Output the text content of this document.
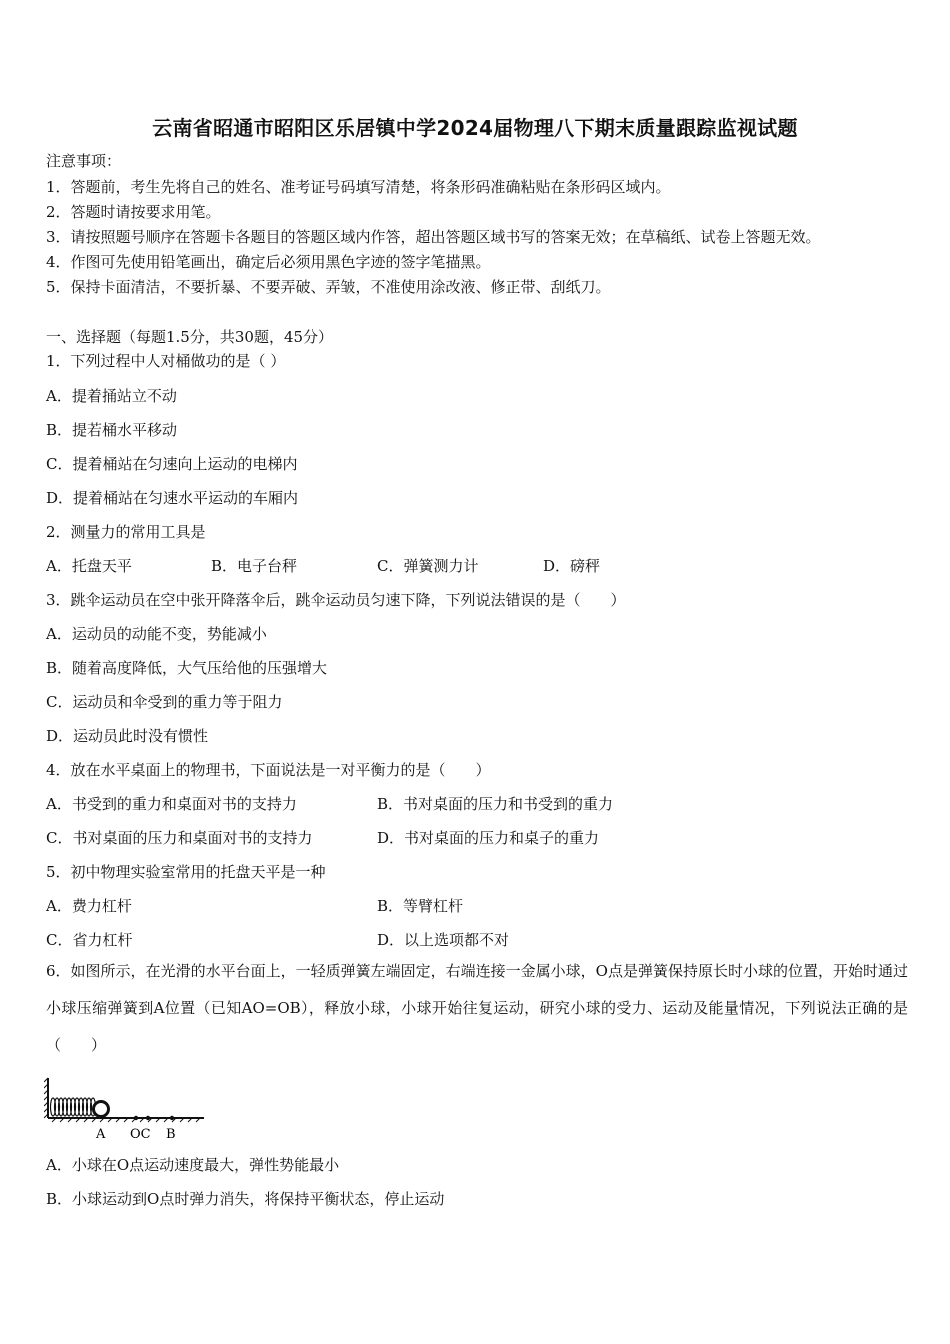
云南省昭通市昭阳区乐居镇中学2024届物理八下期末质量跟踪监视试题
注意事项：
1．答题前，考生先将自己的姓名、准考证号码填写清楚，将条形码准确粘贴在条形码区域内。
2．答题时请按要求用笔。
3．请按照题号顺序在答题卡各题目的答题区域内作答，超出答题区域书写的答案无效；在草稿纸、试卷上答题无效。
4．作图可先使用铅笔画出，确定后必须用黑色字迹的签字笔描黑。
5．保持卡面清洁，不要折暴、不要弄破、弄皱，不准使用涂改液、修正带、刮纸刀。
一、选择题（每题1.5分，共30题，45分）
1．下列过程中人对桶做功的是（ ）
A．提着捅站立不动
B．提若桶水平移动
C．提着桶站在匀速向上运动的电梯内
D．提着桶站在匀速水平运动的车厢内
2．测量力的常用工具是
A．托盘天平	B．电子台秤	C．弹簧测力计	D．磅秤
3．跳伞运动员在空中张开降落伞后，跳伞运动员匀速下降，下列说法错误的是（　　）
A．运动员的动能不变，势能减小
B．随着高度降低，大气压给他的压强增大
C．运动员和伞受到的重力等于阻力
D．运动员此时没有惯性
4．放在水平桌面上的物理书，下面说法是一对平衡力的是（　　）
A．书受到的重力和桌面对书的支持力	B．书对桌面的压力和书受到的重力
C．书对桌面的压力和桌面对书的支持力	D．书对桌面的压力和桌子的重力
5．初中物理实验室常用的托盘天平是一种
A．费力杠杆	B．等臂杠杆
C．省力杠杆	D．以上选项都不对
6．如图所示，在光滑的水平台面上，一轻质弹簧左端固定，右端连接一金属小球，O点是弹簧保持原长时小球的位置，开始时通过小球压缩弹簧到A位置（已知AO=OB），释放小球，小球开始往复运动，研究小球的受力、运动及能量情况，下列说法正确的是（　　）
A OC B
A．小球在O点运动速度最大，弹性势能最小
B．小球运动到O点时弹力消失，将保持平衡状态，停止运动
